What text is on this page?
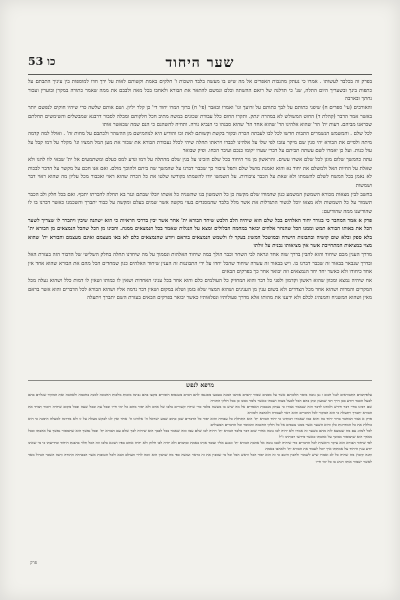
שער היחוד
כו 53

בפרק זה בכלבד לעשותו . אמרו כי נעתק מהנבות האפרים אל מה שיש בו מעשה בלבד השכות ו' חלקים באמת וקשותם לאות על ידך חדו למוספות בין עיניך התבתם על כתפות בינך ובשעריך היום התלה, שנ' כי תדלנה של רואם ההשתה וכלם ונמשם להתאר את הבורא ולאחבו בכל מאה ולבבם את ממה שאמר כתורה במקרן ובוערין ועכור נחתך ובארבה

והאורבים (עי' ספרים ח) שיפני כתותם על לבך כתותם על זרועך וגו' ואמרו ובאבר (פי' ח) ברוך המרו יחוד די' כן קלר יליון. ושם אותם שלשה כדי שיהיו חוקים לנפשם יותר באשר אמר הדבר (קהלת ד) החוט המשולש לא במהרה ינתק. ותקרו החום כלל עבודת שכונים במשה מתיב חכל חלקותם ומבלה לסבור דרבנא שמבשלים והשימשים תחלתם שכראנו מביהם. דעות ית' הד' שהוא אלהינו הד' שהוא אחד הד' שהוא סבגהו כי הנביא נורה. ותחיה להשהנם כי הנם שמה שכאשר אותו

לכל שלם . והמשמש הנשמרים התבות חדשו לכל לבו לעבתה הכרה ובקור בקשת וקשותם לאת זכו והודיע היא לנוהמישם מן ההשהר ולכתבם על מחות זה' . ואולל למה קדמה מיתה ולסיים את הבורא יהי סנין שם מיקר עזבו לפי שלו על אלהינו לכבדו ויראתו תחלה שיהי לכלל נעכודת הבורא את שכזר את מען המל המציו וגו' מקלר על דמו קבל על עול כנות. ועל כן יאמרו לשם עשתה תביתם על דברי שערו יקומו כנכם ועיבר הכחו. ופיק שבואר

עתה כהמשך שלום מוגן לכל שלם אשרו עשים. והראשון מן גור היחוד בכל שלם הזכינו על בגין שלם מהתלה על דמו ונדע למס כעלם ומשתמעים אל ית' שבאי לוו להנו ולא שאלת על החיות האל ולמשלם את יחוד נא והוא ואמנת מושל שלם ותפל ציבור כך שכבר דברנו על שהמשך שה ביתם ולהוכך מולם. ואם אנו חכם על מקשר על הדבר לבכות לא נאמן בכל המשח לשלם להשמתו ולא שאת על הכבר ציבורות. על השמשו יודו להשמתו בקודשו שלטו את כל הכרה שהוא ראוי ואכבור מכל עליון מה שהוא ראוי דבר ושמשות

בחשב לבין מצאות מכורא השמשון המשמע כנון שהמודו שלם מקשה כן כל השמשון בנו שהשניה כל אשתו יובלו שבתם ונגר בא תחלה להכרתו יתכף. ואם בכל חלק ולב הכבר תשמור על כל השמשות ולא מצאו יוכל לנשור התגדלות את אשר מלל בלבד שהמסגדים בעזי מקשה אשר שמים בעלם ומקשה על כבור יתברך והשכמנו כאשר דברנו בו לו שהודיענו ממה שהודיעם:

פרק א אמר המחבר כי בגורר יחוד האלהים בכל שלם הוא שיהיה הלב הלבש שיחד הבורא ית' אחר אשר יבין בדרכי הראיות כי הוא ישתנה שיבין ויתברר לו שצריך לשער הכל את באותו הבורא תמש וממנו הכל שהנחר אלהים יבואר במחמה הבלולים ומצא על הנגלות שאמר בכל הנמצאים ממנה. והבינו מן הכל שהכל הנמצאים מן הבורא ית' בלא ספק ובלא שום קושיה ובתבונות הישרה ובמושכל המשיג בעקר לו ולשמש הנמצאים בוראם ויודע שהנמצאים כלם לא באו מעצמם ואינם מעצמם והבורא ית' שהוא מצוי במציאות המתחייבת אשר אין מציאותו נבנית על זולתו

מדרך הענין מכם שיחוד והוא להבין בדרך שוה אחד ונראה לבי השחר וכבר הולך במה שיחוד האלהות ונסמוך על מה שיחדנו תחלה בחלק השלישי של הדבור הזה בעזרת האל ובדרך שנבאר בבאור זה שכבר דברנו בו. ויש בבאור זה עשרה שיחוד שהכל יחדו על ידי התבוננות זה הענין שיחוד האלהים כגון שמחדים הכל מהם את הבורא שהוא אחד אין אחד כיחודו ולא כאשר יחד יחד הנמצאים וזה יבואר אחר כך בפרקים הבאים

אח שיהיה נמצא ומכוון שהוא ראשון וקדמון ולפני כל דבר והוא המחזיק כל העולמים כלם והוא אחד בכל עניני האחדות ושאין לו כמותו ושאין לו דמות כלל ושהוא נעלה מכל המקרים והמדות ושהוא אחד מכל הצדדים ולא בשום ענין מן הענינים ושהוא המצוי שלא בזמן ושלא במקום ושאין דבר נדמה אליו ושהוא הבורא לכל הדברים והוא אשר בראם מאין ושהוא המשגיח והמנהיג לכלם ולא ידענו את מהותו אלא מדרך פעולותיו ונפלאותיו כאשר יבואר בפרקים הבאים בעזרת השם יתברך ויתעלה

מרפא לנפש

עלפיתמים התבוראים לנגל חנום ו ננן נוטה מוסר הלכותם אשר על מסנים שמור יתמים אוהבו המנה בטבעו מסגנסו להם דברם מטנסופ חומרים מקצו בהם גבינה מזכות מלכות החנוכה למנת בחכמה ולאהבה ואת המקיד שנלוים בהם לבעל הכבד ויודע בכן דרך רבי שמעון ונתן בהם הכל לבעל מצוה ושבחו כאשר נלמד ממנו כן בכל חלקי התורה

שם רבינו בחיי דבר חידש ולמדנו לדבר הזה שנאמר אמרו כי נעתק מנכבות האפרים אל מה שיש בו מעשה בלבד כדי שיהיו קשורים בלבו של אדם ולא יסור מהם כל ימי חייו ובכל עת ובכל שעה ובכל מקום שיהיה ויזכור תמיד את הבורא יתברך ויתעלה כי הוא המקור לכל הדברים והוא ראוי לעבודה ולאהבה ולמורא

פרק א אמר המחבר ברור יחוד בה והוא כמו שאמרו רבותינו כי יחוד הבורא ית' הוא התחלת כל עבודה והוא יסוד כל הדברים שכן כתוב שמע ישראל ה' אלהינו ה' אחד ואין לנו לבקש מעלה על זו ולא מדרגה למעלה הימנה כי היא כוללת את כל המדרגות כלן והיא השער אשר ממנו נכנסים אל כל חלקי החכמה והמוסר וכל הדברים המעולים

לכל לנהוג עם מה שנמצא לזה מהם בשער זה אמרו ולא יהיה לבו נוטה אחרי שום דבר מלבד הבורא ית' ויהיה לבו שלם עמו ומה שאמר בכל לבבך הוא שיהיה לבך שלם עם הבורא ית' ובכל נפשך הוא שתמסור נפשך על אהבתו ובכל מאדך הוא שתמסור ממונך על אהבתו כאשר פירשו רבותינו ז"ל

לפי שיחוד הבורא הוא עיקר וראשית לכל הדברים כדי שיהיה לבבו נוטה אל אהבת הבורא ית' ונכנע אליו ועובד אותו באמת ובתמים ולא יהיה לבו חלוק ולא יהיה אוהב בפיו ושונא בלבו וזה הכל תלוי בהבנת היחוד ובידיעתו כי מי שאינו יודע ענין היחוד על אמתתו איך יוכל לעבוד את הבורא ית' ולאהבו באמת

ותנה קיבוץ מה שהיה כל לב ואמרו שיש לשמור ולהבין היטב כי זה הוא יסוד הכל וראש הכל וכל מי שמבין את זה כראוי ועושה כפי מה שהבין הוא זוכה לחיי העולם הבא ולכל הטובות אשר הבטיחה התורה ותנה השכר הגדול מאד לאשר ישמור אותו וינהג בו כל ימי חייו

פרק
